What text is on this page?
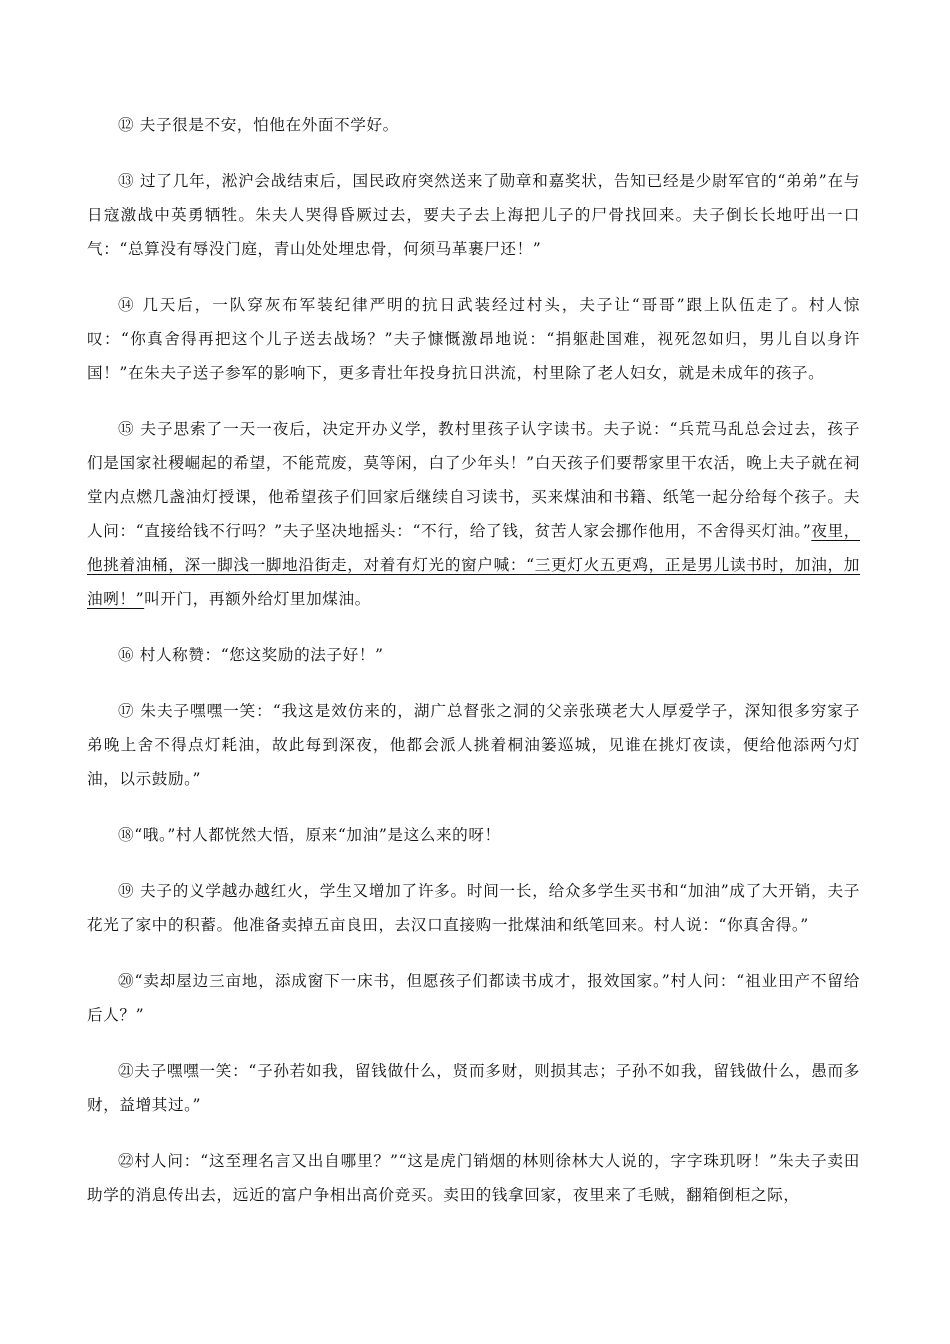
⑫ 夫子很是不安，怕他在外面不学好。

⑬ 过了几年，淞沪会战结束后，国民政府突然送来了勋章和嘉奖状，告知已经是少尉军官的“弟弟”在与日寇激战中英勇牺牲。朱夫人哭得昏厥过去，要夫子去上海把儿子的尸骨找回来。夫子倒长长地吁出一口气：“总算没有辱没门庭，青山处处埋忠骨，何须马革裹尸还！”

⑭ 几天后，一队穿灰布军装纪律严明的抗日武装经过村头，夫子让“哥哥”跟上队伍走了。村人惊叹：“你真舍得再把这个儿子送去战场？”夫子慷慨激昂地说：“捐躯赴国难，视死忽如归，男儿自以身许国！”在朱夫子送子参军的影响下，更多青壮年投身抗日洪流，村里除了老人妇女，就是未成年的孩子。

⑮ 夫子思索了一天一夜后，决定开办义学，教村里孩子认字读书。夫子说：“兵荒马乱总会过去，孩子们是国家社稷崛起的希望，不能荒废，莫等闲，白了少年头！”白天孩子们要帮家里干农活，晚上夫子就在祠堂内点燃几盏油灯授课，他希望孩子们回家后继续自习读书，买来煤油和书籍、纸笔一起分给每个孩子。夫人问：“直接给钱不行吗？”夫子坚决地摇头：“不行，给了钱，贫苦人家会挪作他用，不舍得买灯油。”夜里，他挑着油桶，深一脚浅一脚地沿街走，对着有灯光的窗户喊：“三更灯火五更鸡，正是男儿读书时，加油，加油咧！”叫开门，再额外给灯里加煤油。

⑯ 村人称赞：“您这奖励的法子好！”

⑰ 朱夫子嘿嘿一笑：“我这是效仿来的，湖广总督张之洞的父亲张瑛老大人厚爱学子，深知很多穷家子弟晚上舍不得点灯耗油，故此每到深夜，他都会派人挑着桐油篓巡城，见谁在挑灯夜读，便给他添两勺灯油，以示鼓励。”

⑱“哦。”村人都恍然大悟，原来“加油”是这么来的呀！

⑲ 夫子的义学越办越红火，学生又增加了许多。时间一长，给众多学生买书和“加油”成了大开销，夫子花光了家中的积蓄。他准备卖掉五亩良田，去汉口直接购一批煤油和纸笔回来。村人说：“你真舍得。”

⑳“卖却屋边三亩地，添成窗下一床书，但愿孩子们都读书成才，报效国家。”村人问：“祖业田产不留给后人？”

㉑夫子嘿嘿一笑：“子孙若如我，留钱做什么，贤而多财，则损其志；子孙不如我，留钱做什么，愚而多财，益增其过。”

㉒村人问：“这至理名言又出自哪里？”“这是虎门销烟的林则徐林大人说的，字字珠玑呀！”朱夫子卖田助学的消息传出去，远近的富户争相出高价竞买。卖田的钱拿回家，夜里来了毛贼，翻箱倒柜之际，
